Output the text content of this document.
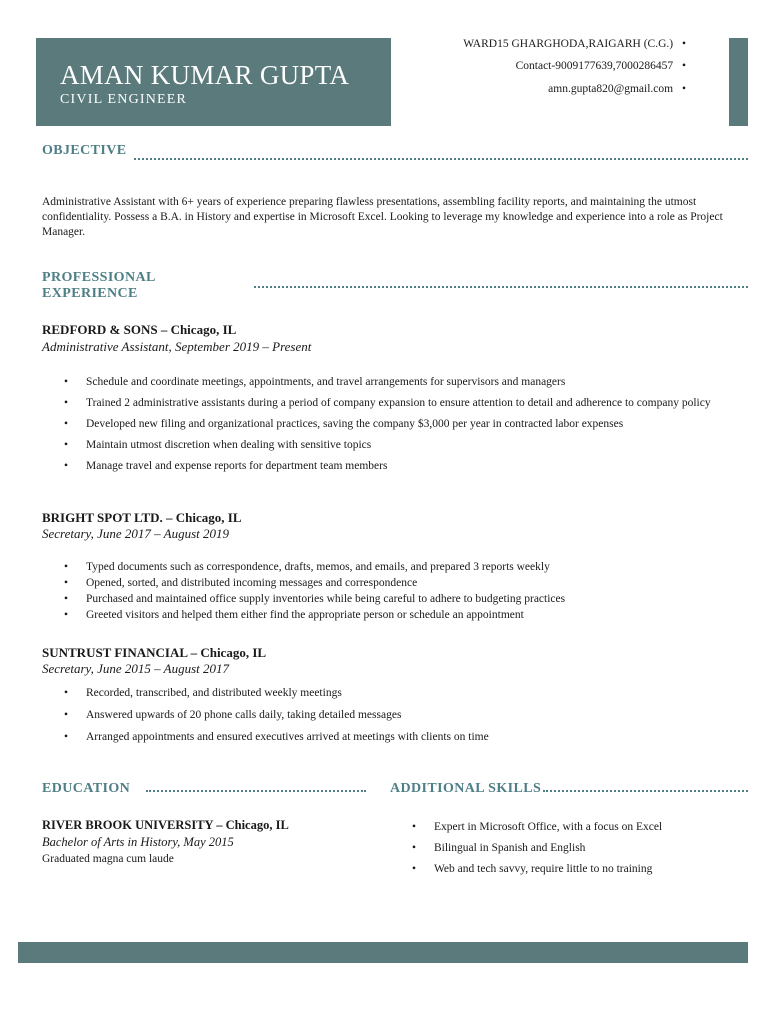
AMAN KUMAR GUPTA
CIVIL ENGINEER
WARD15 GHARGHODA,RAIGARH (C.G.) •
Contact-9009177639,7000286457 •
amn.gupta820@gmail.com •
OBJECTIVE
Administrative Assistant with 6+ years of experience preparing flawless presentations, assembling facility reports, and maintaining the utmost confidentiality. Possess a B.A. in History and expertise in Microsoft Excel. Looking to leverage my knowledge and experience into a role as Project Manager.
PROFESSIONAL
EXPERIENCE
REDFORD & SONS – Chicago, IL
Administrative Assistant, September 2019 – Present
• Schedule and coordinate meetings, appointments, and travel arrangements for supervisors and managers
• Trained 2 administrative assistants during a period of company expansion to ensure attention to detail and adherence to company policy
• Developed new filing and organizational practices, saving the company $3,000 per year in contracted labor expenses
• Maintain utmost discretion when dealing with sensitive topics
• Manage travel and expense reports for department team members
BRIGHT SPOT LTD. – Chicago, IL
Secretary, June 2017 – August 2019
• Typed documents such as correspondence, drafts, memos, and emails, and prepared 3 reports weekly
• Opened, sorted, and distributed incoming messages and correspondence
• Purchased and maintained office supply inventories while being careful to adhere to budgeting practices
• Greeted visitors and helped them either find the appropriate person or schedule an appointment
SUNTRUST FINANCIAL – Chicago, IL
Secretary, June 2015 – August 2017
• Recorded, transcribed, and distributed weekly meetings
• Answered upwards of 20 phone calls daily, taking detailed messages
• Arranged appointments and ensured executives arrived at meetings with clients on time
EDUCATION
RIVER BROOK UNIVERSITY – Chicago, IL
Bachelor of Arts in History, May 2015
Graduated magna cum laude
ADDITIONAL SKILLS
• Expert in Microsoft Office, with a focus on Excel
• Bilingual in Spanish and English
• Web and tech savvy, require little to no training
